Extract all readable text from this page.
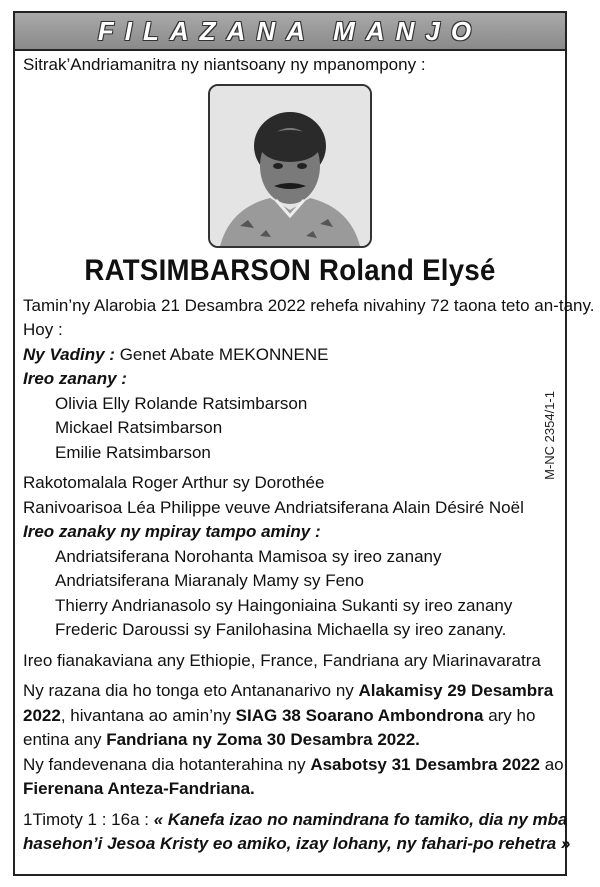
FILAZANA MANJO
Sitrak’Andriamanitra ny niantsoany ny mpanompony :
RATSIMBARSON Roland Elysé
Tamin’ny Alarobia 21 Desambra 2022 rehefa nivahiny 72 taona teto an-tany.
Hoy :
Ny Vadiny : Genet Abate MEKONNENE
Ireo zanany :
Olivia Elly Rolande Ratsimbarson
Mickael Ratsimbarson
Emilie Ratsimbarson
Rakotomalala Roger Arthur sy Dorothée
Ranivoarisoa Léa Philippe veuve Andriatsiferana Alain Désiré Noël
Ireo zanaky ny mpiray tampo aminy :
Andriatsiferana Norohanta Mamisoa sy ireo zanany
Andriatsiferana Miaranaly Mamy sy Feno
Thierry Andrianasolo sy Haingoniaina Sukanti sy ireo zanany
Frederic Daroussi sy Fanilohasina Michaella sy ireo zanany.
Ireo fianakaviana any Ethiopie, France, Fandriana ary Miarinavaratra
Ny razana dia ho tonga eto Antananarivo ny Alakamisy 29 Desambra
2022, hivantana ao amin’ny SIAG 38 Soarano Ambondrona ary ho
entina any Fandriana ny Zoma 30 Desambra 2022.
Ny fandevenana dia hotanterahina ny Asabotsy 31 Desambra 2022 ao
Fierenana Anteza-Fandriana.
1Timoty 1 : 16a : « Kanefa izao no namindrana fo tamiko, dia ny mba
hasehon’i Jesoa Kristy eo amiko, izay lohany, ny fahari-po rehetra »
M-NC 2354/1-1
